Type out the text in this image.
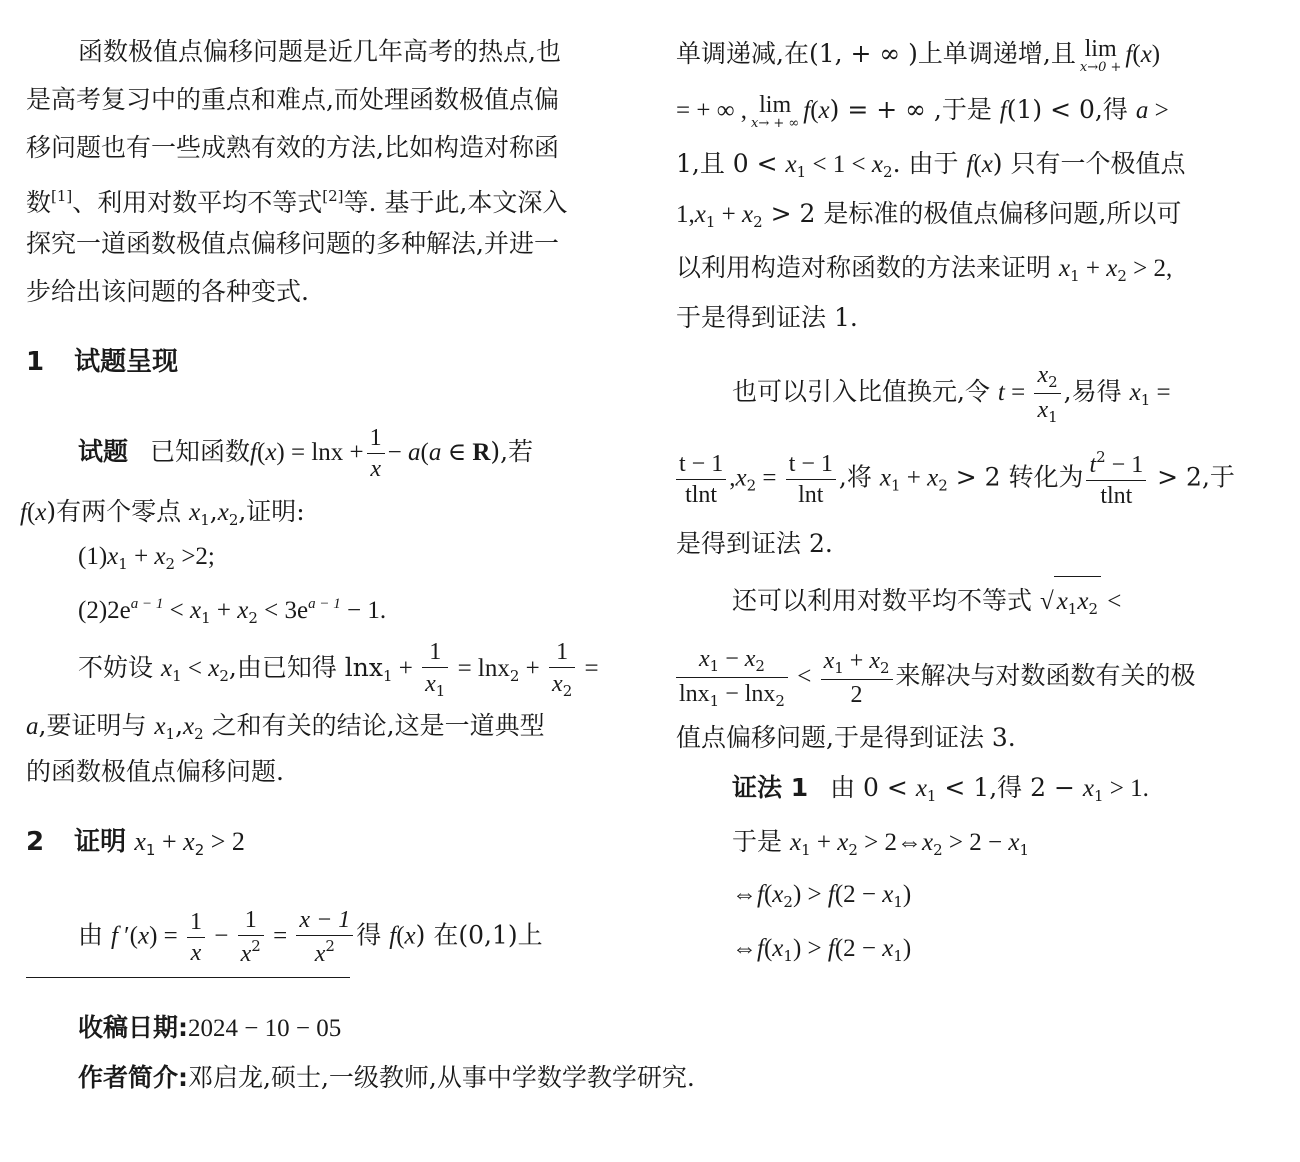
函数极值点偏移问题是近几年高考的热点,也
是高考复习中的重点和难点,而处理函数极值点偏
移问题也有一些成熟有效的方法,比如构造对称函
数[1]、利用对数平均不等式[2]等. 基于此,本文深入
探究一道函数极值点偏移问题的多种解法,并进一
步给出该问题的各种变式.
1 试题呈现
试题 已知函数$f(x) = \ln x + \frac{1}{x} - a(a$ ∈ R),若
f(x)有两个零点 $x_1,x_2$,证明:
$(1)x_1 + x_2 >2$;
$(2)2e^{a - 1} < x_1 + x_2 < 3e^{a - 1} - 1$.
不妨设 $x_1 < x_2$,由已知得 $\ln x_1 + \frac{1}{x_1} = \ln x_2 + \frac{1}{x_2}$ =
a,要证明与 $x_1,x_2$ 之和有关的结论,这是一道典型
的函数极值点偏移问题.
2 证明 $x_1 + x_2 > 2$
由 f $'(x) = \frac{1}{x} - \frac{1}{x^2} = \frac{x - 1}{x^2}$ 得 f(x) 在(0,1)上
单调递减,在(1, + ∞ )上单调递增,且 lim
x→0 + f(x)
= + ∞ , lim
x→ + ∞ f(x) = + ∞ ,于是 f(1) < 0,得 a >
1,且 $0 < x_1 < 1 < x_2$. 由于 f(x) 只有一个极值点
$1,x_1 + x_2 > 2$ 是标准的极值点偏移问题,所以可
以利用构造对称函数的方法来证明 $x_1 + x_2 > 2$,
于是得到证法 1.
也可以引入比值换元,令 $t = \frac{x_2}{x_1}$ ,易得 $x_1$ =
$\frac{t - 1}{tlnt} ,x_2 = \frac{t - 1}{\ln t}$ ,将 $x_1 + x_2 > 2$ 转化为 $\frac{t^2 - 1}{tlnt} > 2$,于
是得到证法 2.
还可以利用对数平均不等式 √ $x_1x_2$ <
$\frac{x_1 - x_2}{\ln x_1 - \ln x_2} < \frac{x_1 + x_2}{2}$ 来解决与对数函数有关的极
值点偏移问题,于是得到证法 3.
证法 1 由 $0 < x_1 < 1$,得 $2 - x_1 > 1$.
于是 $x_1 + x_2$ > $2\Leftrightarrow x_2 > 2 - x_1$
$\Leftrightarrow f(x_2) > f(2 - x_1)$
$\Leftrightarrow f(x_1) > f(2 - x_1)$
收稿日期:2024 − 10 − 05
作者简介:邓启龙,硕士,一级教师,从事中学数学教学研究.
